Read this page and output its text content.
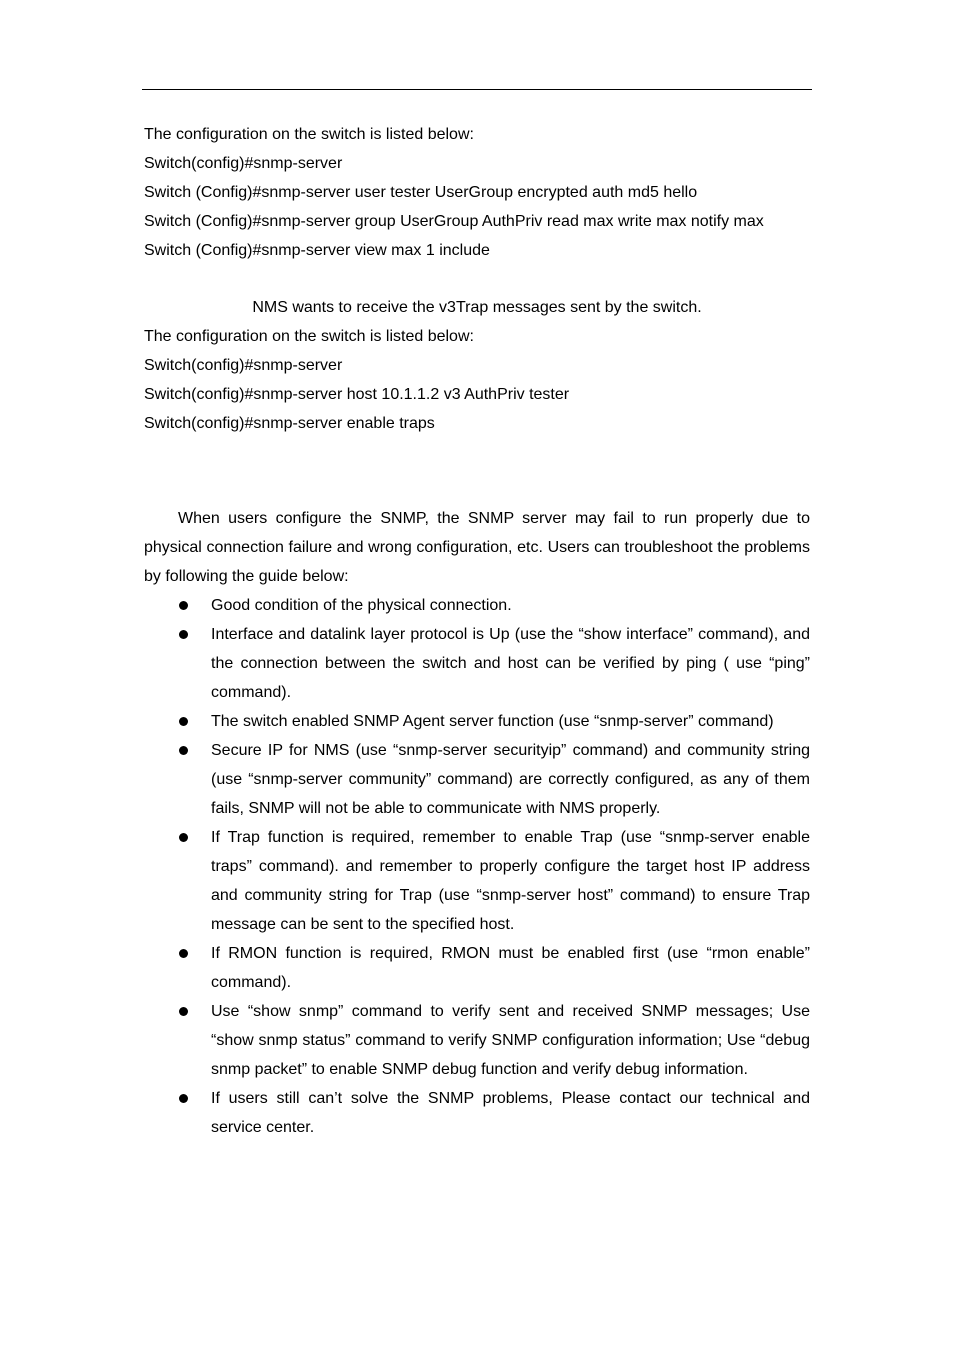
The configuration on the switch is listed below:
Switch(config)#snmp-server
Switch (Config)#snmp-server user tester UserGroup encrypted auth md5 hello
Switch (Config)#snmp-server group UserGroup AuthPriv read max write max notify max
Switch (Config)#snmp-server view max 1 include
NMS wants to receive the v3Trap messages sent by the switch.
The configuration on the switch is listed below:
Switch(config)#snmp-server
Switch(config)#snmp-server host 10.1.1.2 v3 AuthPriv tester
Switch(config)#snmp-server enable traps

When users configure the SNMP, the SNMP server may fail to run properly due to physical connection failure and wrong configuration, etc. Users can troubleshoot the problems by following the guide below:

Good condition of the physical connection.
Interface and datalink layer protocol is Up (use the “show interface” command), and the connection between the switch and host can be verified by ping ( use “ping” command).
The switch enabled SNMP Agent server function (use “snmp-server” command)
Secure IP for NMS (use “snmp-server securityip” command) and community string (use “snmp-server community” command) are correctly configured, as any of them fails, SNMP will not be able to communicate with NMS properly.
If Trap function is required, remember to enable Trap (use “snmp-server enable traps” command). and remember to properly configure the target host IP address and community string for Trap (use “snmp-server host” command) to ensure Trap message can be sent to the specified host.
If RMON function is required, RMON must be enabled first (use “rmon enable” command).
Use “show snmp” command to verify sent and received SNMP messages; Use “show snmp status” command to verify SNMP configuration information; Use “debug snmp packet” to enable SNMP debug function and verify debug information.
If users still can’t solve the SNMP problems, Please contact our technical and service center.
